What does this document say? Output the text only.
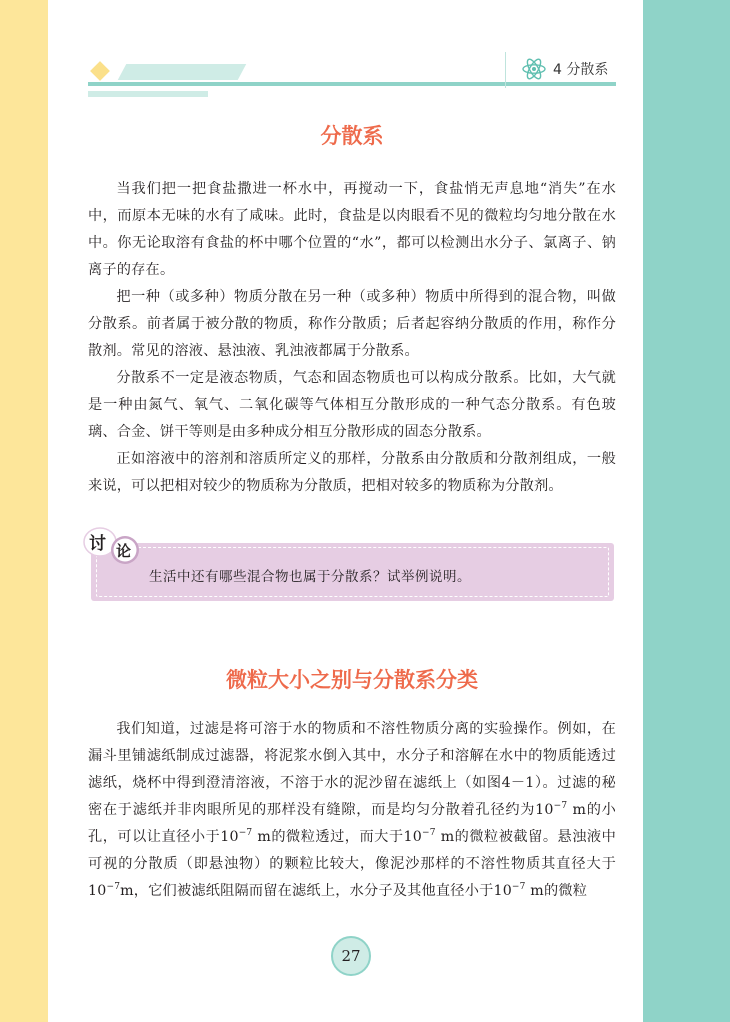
4 分散系
分散系

当我们把一把食盐撒进一杯水中，再搅动一下，食盐悄无声息地“消失”在水中，而原本无味的水有了咸味。此时，食盐是以肉眼看不见的微粒均匀地分散在水中。你无论取溶有食盐的杯中哪个位置的“水”，都可以检测出水分子、氯离子、钠离子的存在。

把一种（或多种）物质分散在另一种（或多种）物质中所得到的混合物，叫做分散系。前者属于被分散的物质，称作分散质；后者起容纳分散质的作用，称作分散剂。常见的溶液、悬浊液、乳浊液都属于分散系。

分散系不一定是液态物质，气态和固态物质也可以构成分散系。比如，大气就是一种由氮气、氧气、二氧化碳等气体相互分散形成的一种气态分散系。有色玻璃、合金、饼干等则是由多种成分相互分散形成的固态分散系。

正如溶液中的溶剂和溶质所定义的那样，分散系由分散质和分散剂组成，一般来说，可以把相对较少的物质称为分散质，把相对较多的物质称为分散剂。

讨 论
生活中还有哪些混合物也属于分散系？试举例说明。
微粒大小之别与分散系分类

我们知道，过滤是将可溶于水的物质和不溶性物质分离的实验操作。例如，在漏斗里铺滤纸制成过滤器，将泥浆水倒入其中，水分子和溶解在水中的物质能透过滤纸，烧杯中得到澄清溶液，不溶于水的泥沙留在滤纸上（如图4－1）。过滤的秘密在于滤纸并非肉眼所见的那样没有缝隙，而是均匀分散着孔径约为$10^{-7}$ m的小孔，可以让直径小于$10^{-7}$ m的微粒透过，而大于$10^{-7}$ m的微粒被截留。悬浊液中可视的分散质（即悬浊物）的颗粒比较大，像泥沙那样的不溶性物质其直径大于$10^{-7}m$，它们被滤纸阻隔而留在滤纸上，水分子及其他直径小于$10^{-7}$ m的微粒

27
